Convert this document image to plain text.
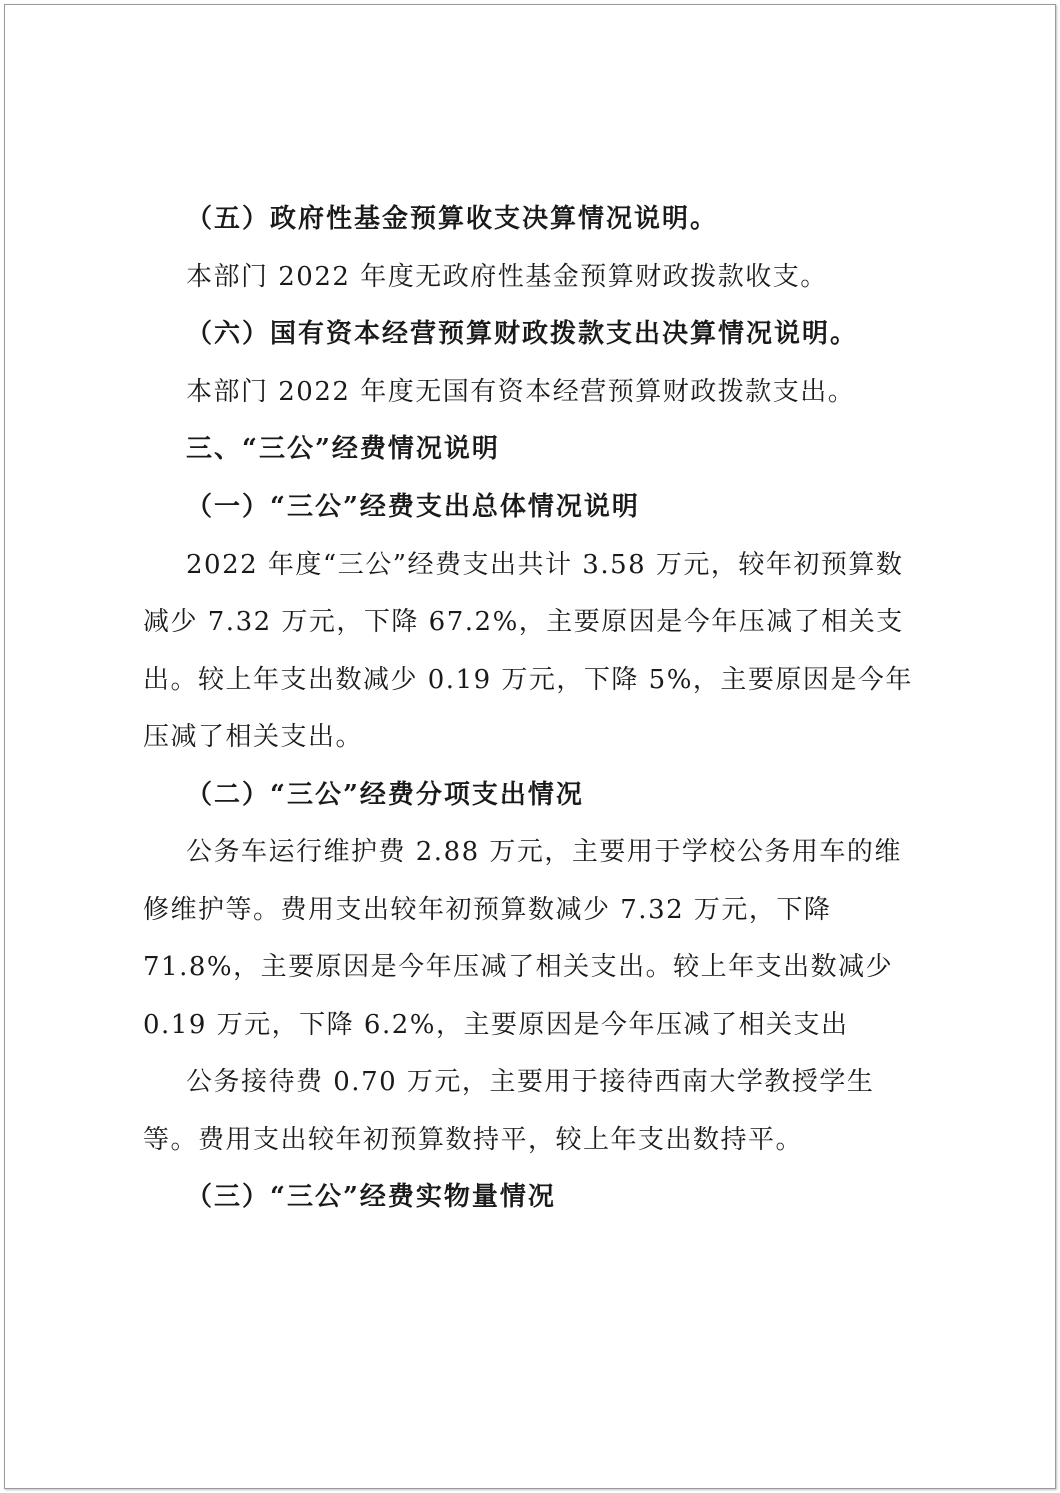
（五）政府性基金预算收支决算情况说明。
本部门 2022 年度无政府性基金预算财政拨款收支。
（六）国有资本经营预算财政拨款支出决算情况说明。
本部门 2022 年度无国有资本经营预算财政拨款支出。
三、“三公”经费情况说明
（一）“三公”经费支出总体情况说明
2022 年度“三公”经费支出共计 3.58 万元，较年初预算数
减少 7.32 万元，下降 67.2%，主要原因是今年压减了相关支
出。较上年支出数减少 0.19 万元，下降 5%，主要原因是今年
压减了相关支出。
（二）“三公”经费分项支出情况
公务车运行维护费 2.88 万元，主要用于学校公务用车的维
修维护等。费用支出较年初预算数减少 7.32 万元，下降
71.8%，主要原因是今年压减了相关支出。较上年支出数减少
0.19 万元，下降 6.2%，主要原因是今年压减了相关支出
公务接待费 0.70 万元，主要用于接待西南大学教授学生
等。费用支出较年初预算数持平，较上年支出数持平。
（三）“三公”经费实物量情况
